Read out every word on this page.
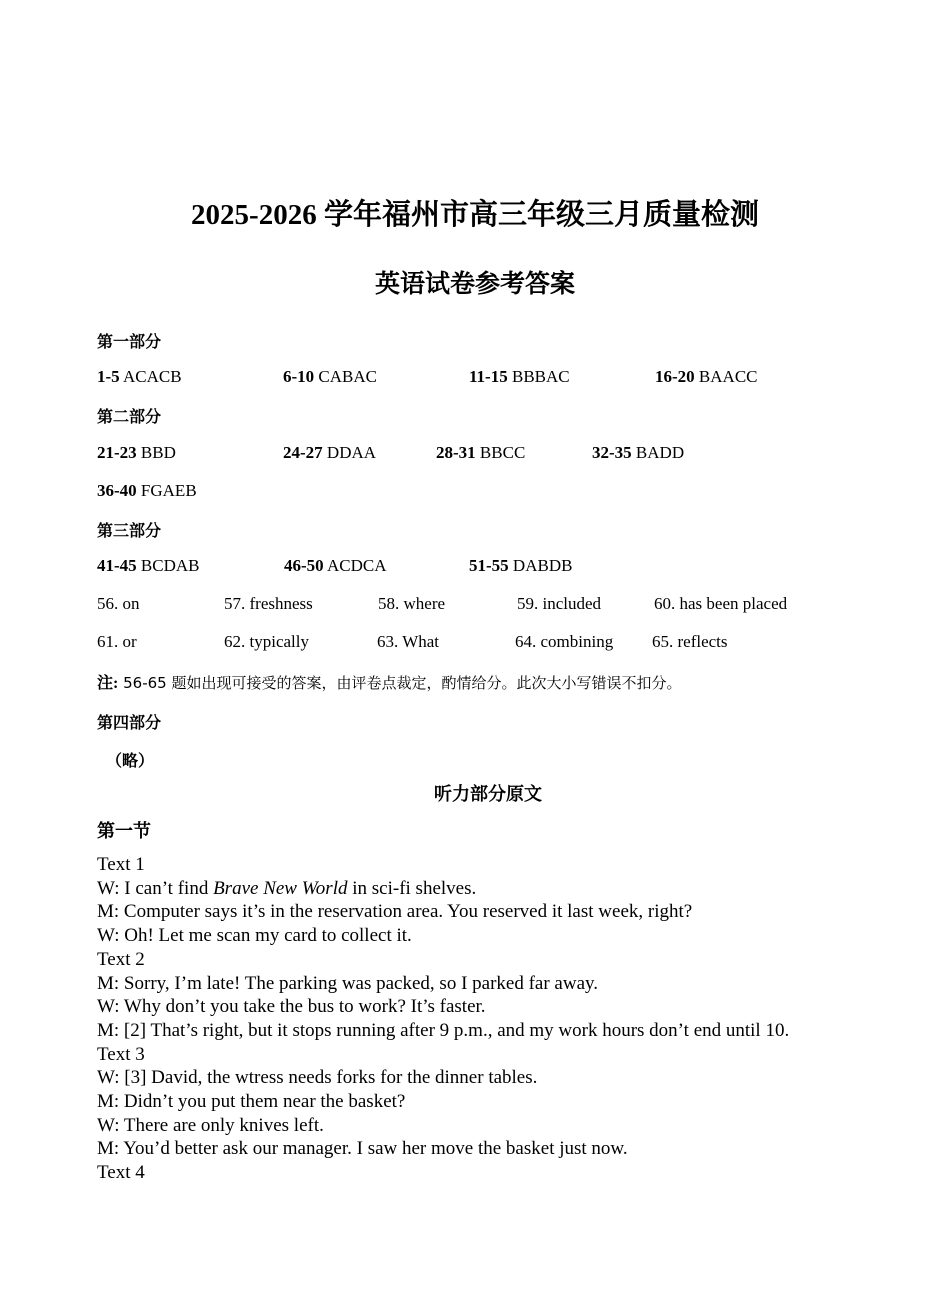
2025-2026 学年福州市高三年级三月质量检测
英语试卷参考答案
第一部分
1-5 ACACB	6-10 CABAC	11-15 BBBAC	16-20 BAACC
第二部分
21-23 BBD	24-27 DDAA	28-31 BBCC	32-35 BADD
36-40 FGAEB
第三部分
41-45 BCDAB	46-50 ACDCA	51-55 DABDB
56. on	57. freshness	58. where	59. included	60. has been placed
61. or	62. typically	63. What	64. combining 65. reflects
注: 56-65 题如出现可接受的答案，由评卷点裁定，酌情给分。此次大小写错误不扣分。
第四部分
（略）
听力部分原文
第一节
Text 1
W: I can’t find Brave New World in sci-fi shelves.
M: Computer says it’s in the reservation area. You reserved it last week, right?
W: Oh! Let me scan my card to collect it.
Text 2
M: Sorry, I’m late! The parking was packed, so I parked far away.
W: Why don’t you take the bus to work? It’s faster.
M: [2] That’s right, but it stops running after 9 p.m., and my work hours don’t end until 10.
Text 3
W: [3] David, the wtress needs forks for the dinner tables.
M: Didn’t you put them near the basket?
W: There are only knives left.
M: You’d better ask our manager. I saw her move the basket just now.
Text 4
